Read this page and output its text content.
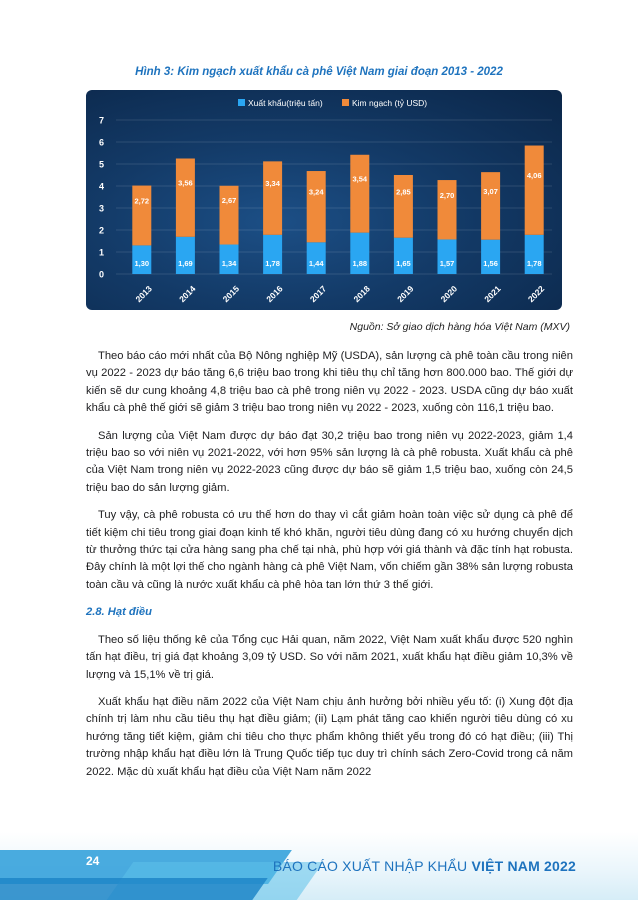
Hình 3: Kim ngạch xuất khẩu cà phê Việt Nam giai đoạn 2013 - 2022
0
1
2
3
4
5
6
7
Xuất khẩu(triệu tấn)	Kim ngạch (tỷ USD)
1,30
2,72
2013
1,69
3,56
2014
1,34
2,67
2015
1,78
3,34
2016
1,44
3,24
2017
1,88
3,54
2018
1,65
2,85
2019
1,57
2,70
2020
1,56
3,07
2021
1,78
4,06
2022
Nguồn: Sở giao dịch hàng hóa Việt Nam (MXV)

Theo báo cáo mới nhất của Bộ Nông nghiệp Mỹ (USDA), sản lượng cà phê toàn cầu trong niên vụ 2022 - 2023 dự báo tăng 6,6 triệu bao trong khi tiêu thụ chỉ tăng hơn 800.000 bao. Thế giới dự kiến sẽ dư cung khoảng 4,8 triệu bao cà phê trong niên vụ 2022 - 2023. USDA cũng dự báo xuất khẩu cà phê thế giới sẽ giảm 3 triệu bao trong niên vụ 2022 - 2023, xuống còn 116,1 triệu bao.

Sản lượng của Việt Nam được dự báo đạt 30,2 triệu bao trong niên vụ 2022-2023, giảm 1,4 triệu bao so với niên vụ 2021-2022, với hơn 95% sản lượng là cà phê robusta. Xuất khẩu cà phê của Việt Nam trong niên vụ 2022-2023 cũng được dự báo sẽ giảm 1,5 triệu bao, xuống còn 24,5 triệu bao do sản lượng giảm.

Tuy vậy, cà phê robusta có ưu thế hơn do thay vì cắt giảm hoàn toàn việc sử dụng cà phê để tiết kiệm chi tiêu trong giai đoạn kinh tế khó khăn, người tiêu dùng đang có xu hướng chuyển dịch từ thưởng thức tại cửa hàng sang pha chế tại nhà, phù hợp với giá thành và đặc tính hạt robusta. Đây chính là một lợi thế cho ngành hàng cà phê Việt Nam, vốn chiếm gần 38% sản lượng robusta toàn cầu và cũng là nước xuất khẩu cà phê hòa tan lớn thứ 3 thế giới.

2.8. Hạt điều

Theo số liệu thống kê của Tổng cục Hải quan, năm 2022, Việt Nam xuất khẩu được 520 nghìn tấn hạt điều, trị giá đạt khoảng 3,09 tỷ USD. So với năm 2021, xuất khẩu hạt điều giảm 10,3% về lượng và 15,1% về trị giá.

Xuất khẩu hạt điều năm 2022 của Việt Nam chịu ảnh hưởng bởi nhiều yếu tố: (i) Xung đột địa chính trị làm nhu cầu tiêu thụ hạt điều giảm; (ii) Lạm phát tăng cao khiến người tiêu dùng có xu hướng tăng tiết kiệm, giảm chi tiêu cho thực phẩm không thiết yếu trong đó có hạt điều; (iii) Thị trường nhập khẩu hạt điều lớn là Trung Quốc tiếp tục duy trì chính sách Zero-Covid trong cả năm 2022. Mặc dù xuất khẩu hạt điều của Việt Nam năm 2022

24	BÁO CÁO XUẤT NHẬP KHẨU VIỆT NAM 2022
